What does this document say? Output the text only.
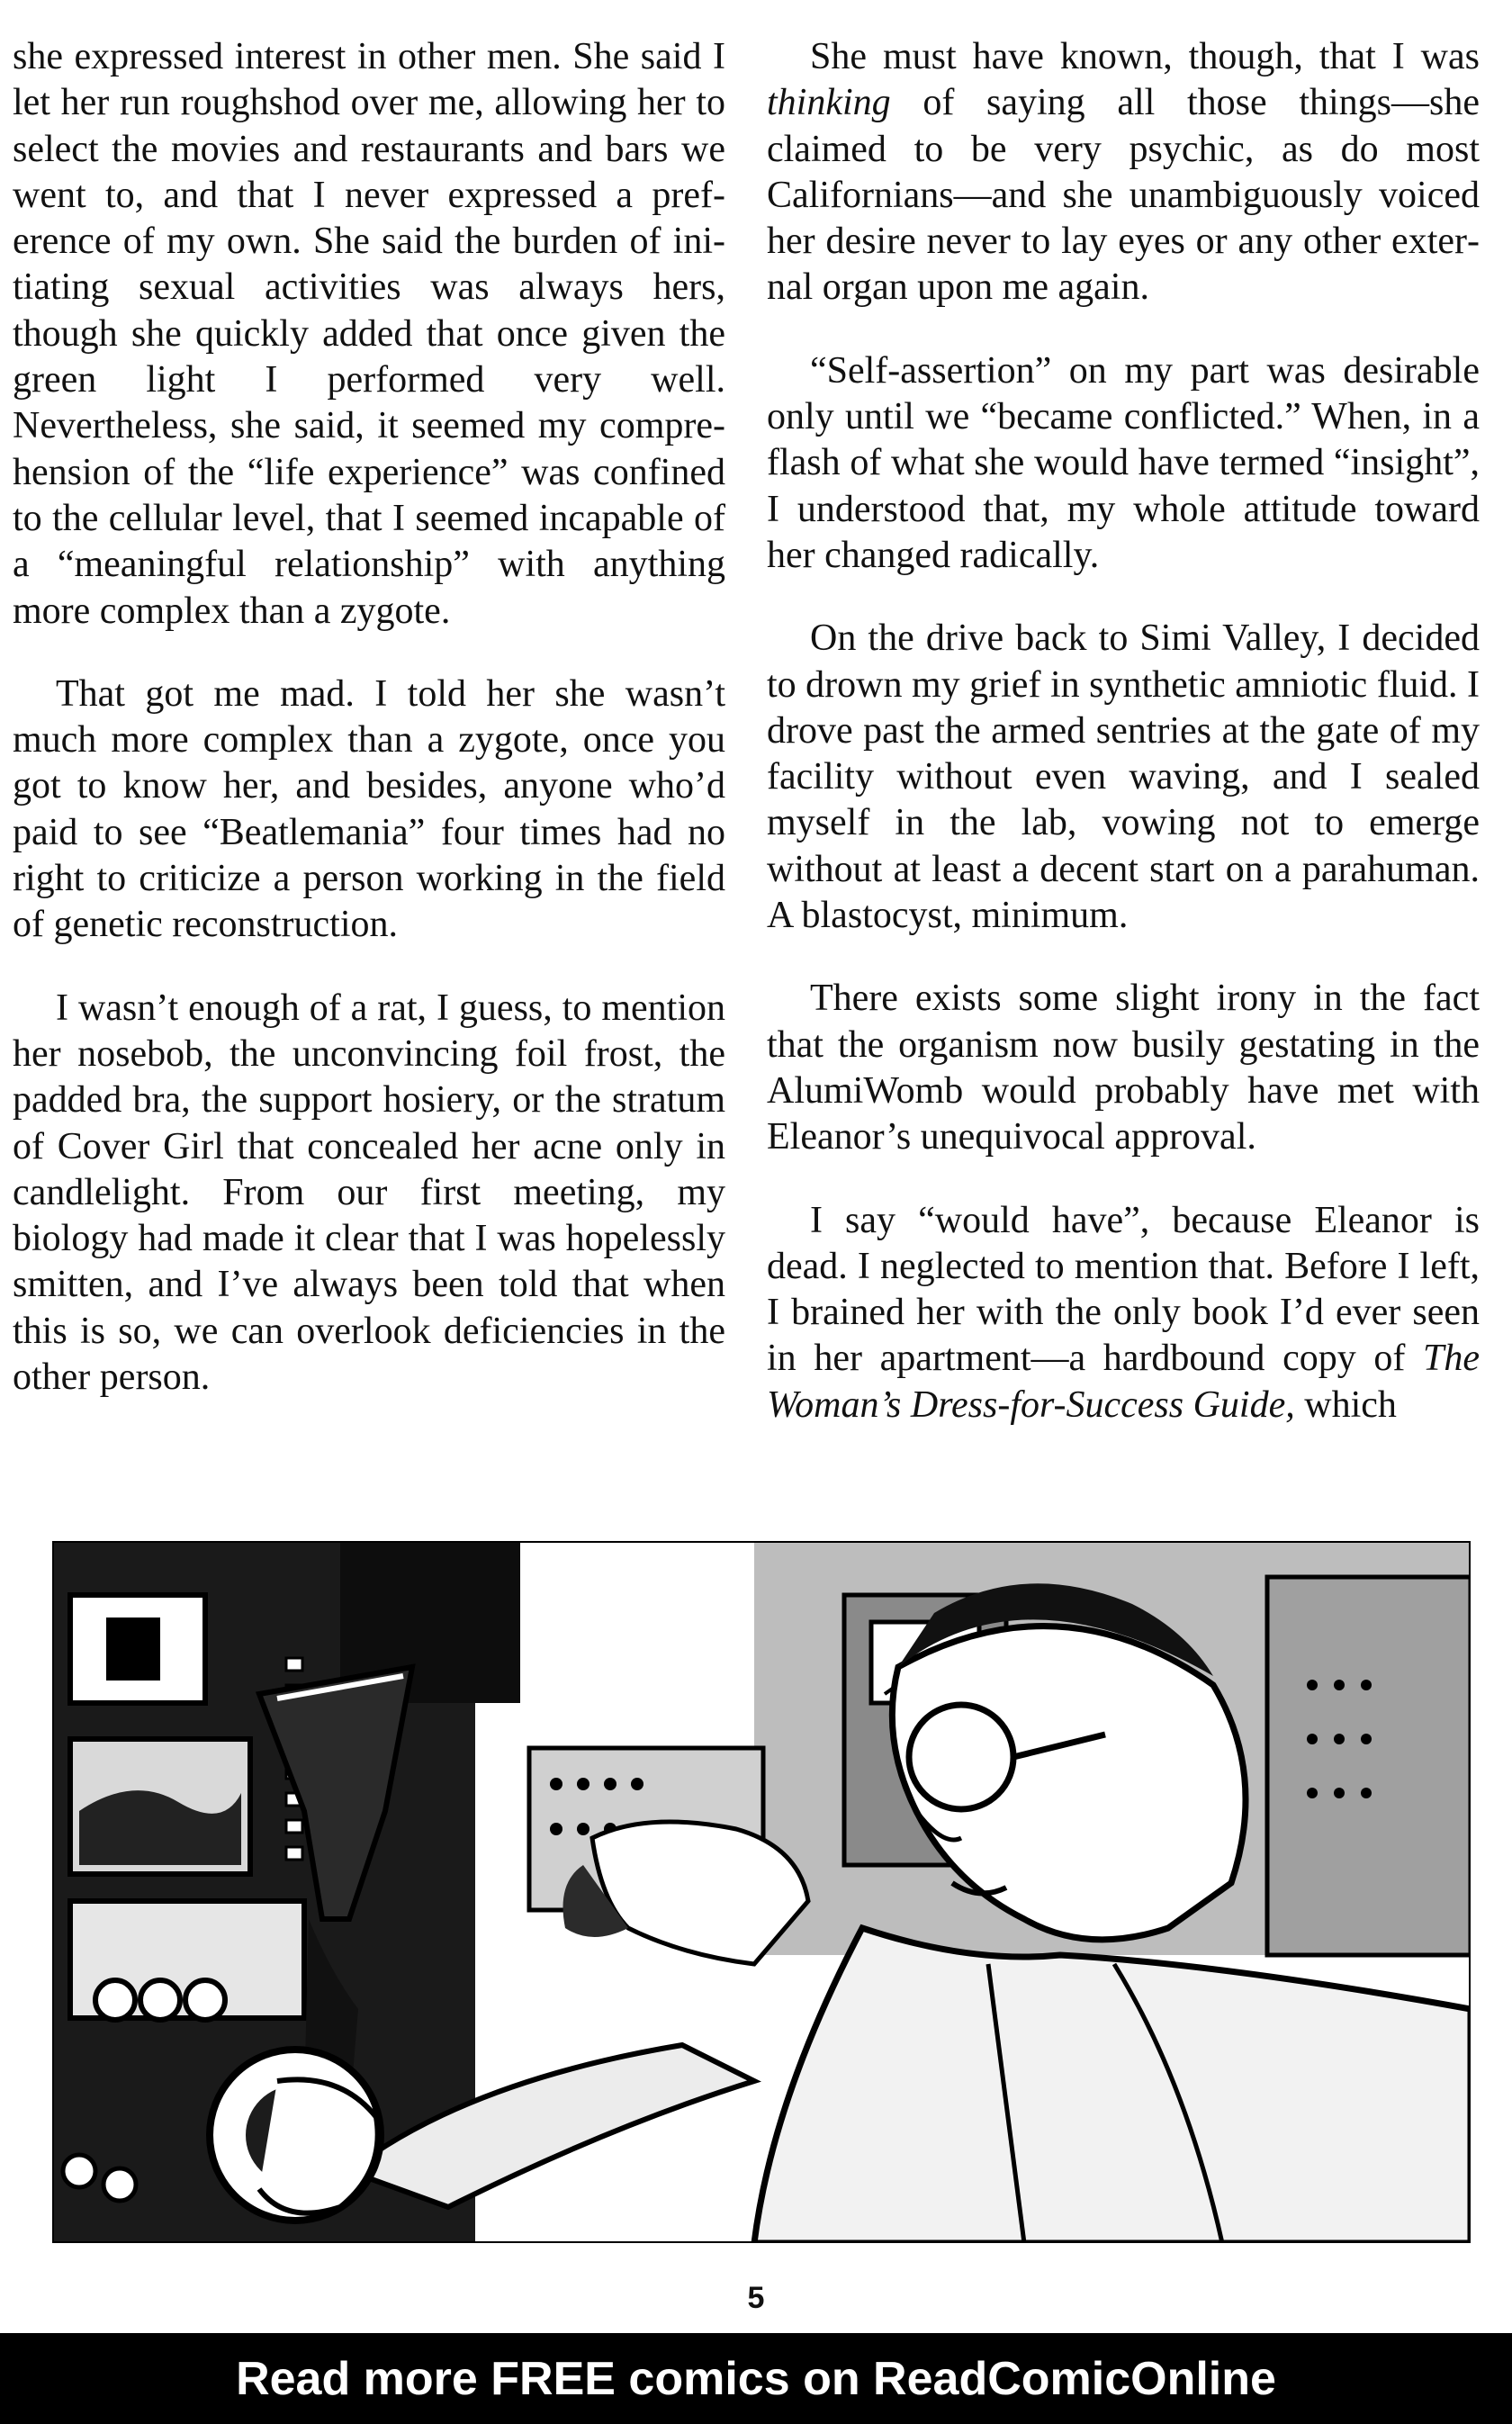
she expressed interest in other men. She said I let her run roughshod over me, allowing her to select the movies and restaurants and bars we went to, and that I never expressed a preference of my own. She said the burden of initiating sexual activities was always hers, though she quickly added that once given the green light I performed very well. Nevertheless, she said, it seemed my comprehension of the “life experience” was confined to the cellular level, that I seemed incapable of a “meaningful relationship” with anything more complex than a zygote.

That got me mad. I told her she wasn’t much more complex than a zygote, once you got to know her, and besides, anyone who’d paid to see “Beatlemania” four times had no right to criticize a person working in the field of genetic reconstruction.

I wasn’t enough of a rat, I guess, to mention her nosebob, the unconvincing foil frost, the padded bra, the support hosiery, or the stratum of Cover Girl that concealed her acne only in candlelight. From our first meeting, my biology had made it clear that I was hopelessly smitten, and I’ve always been told that when this is so, we can overlook deficiencies in the other person.

She must have known, though, that I was thinking of saying all those things—she claimed to be very psychic, as do most Californians—and she unambiguously voiced her desire never to lay eyes or any other external organ upon me again.

“Self-assertion” on my part was desirable only until we “became conflicted.” When, in a flash of what she would have termed “insight”, I understood that, my whole attitude toward her changed radically.

On the drive back to Simi Valley, I decided to drown my grief in synthetic amniotic fluid. I drove past the armed sentries at the gate of my facility without even waving, and I sealed myself in the lab, vowing not to emerge without at least a decent start on a parahuman. A blastocyst, minimum.

There exists some slight irony in the fact that the organism now busily gestating in the AlumiWomb would probably have met with Eleanor’s unequivocal approval.

I say “would have”, because Eleanor is dead. I neglected to mention that. Before I left, I brained her with the only book I’d ever seen in her apartment—a hardbound copy of The Woman’s Dress-for-Success Guide, which

5
Read more FREE comics on ReadComicOnline
